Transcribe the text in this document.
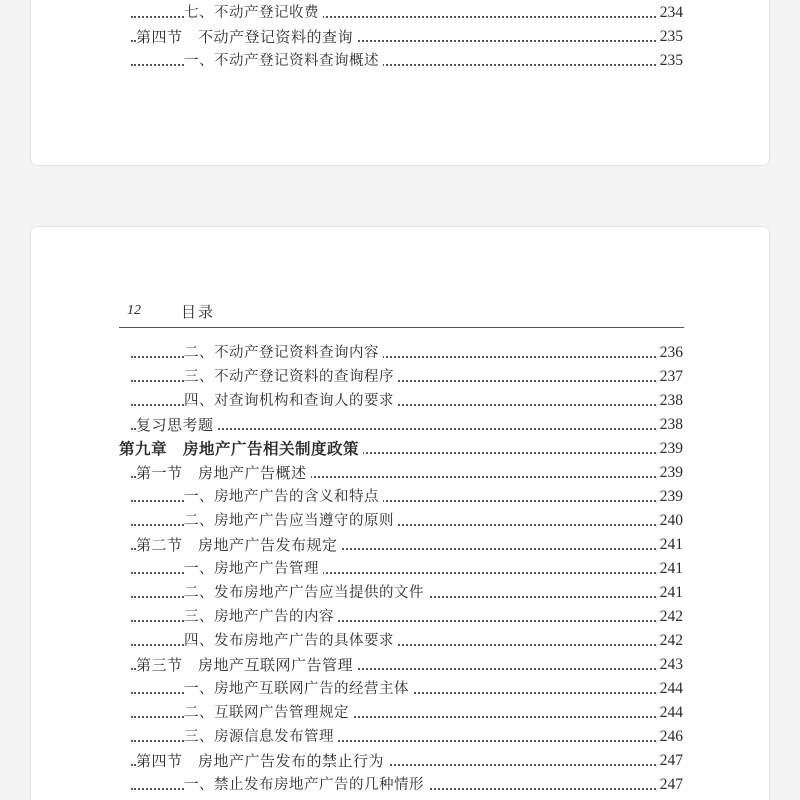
七、不动产登记收费	234
第四节　不动产登记资料的查询	235
一、不动产登记资料查询概述	235
12	目录
二、不动产登记资料查询内容	236
三、不动产登记资料的查询程序	237
四、对查询机构和查询人的要求	238
复习思考题	238
第九章　房地产广告相关制度政策	239
第一节　房地产广告概述	239
一、房地产广告的含义和特点	239
二、房地产广告应当遵守的原则	240
第二节　房地产广告发布规定	241
一、房地产广告管理	241
二、发布房地产广告应当提供的文件	241
三、房地产广告的内容	242
四、发布房地产广告的具体要求	242
第三节　房地产互联网广告管理	243
一、房地产互联网广告的经营主体	244
二、互联网广告管理规定	244
三、房源信息发布管理	246
第四节　房地产广告发布的禁止行为	247
一、禁止发布房地产广告的几种情形	247
